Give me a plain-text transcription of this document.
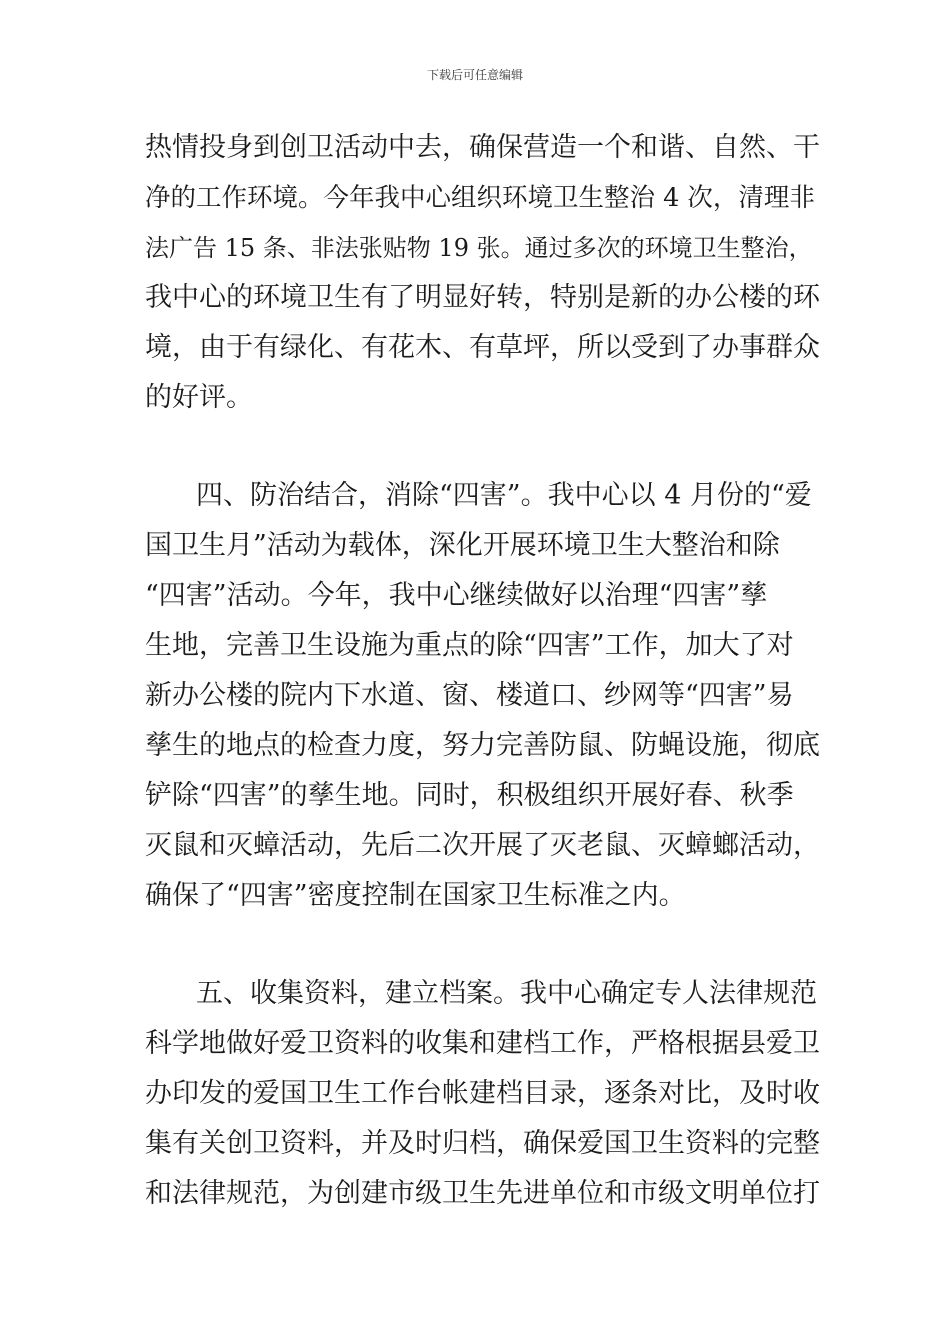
下载后可任意编辑
热情投身到创卫活动中去，确保营造一个和谐、自然、干
净的工作环境。今年我中心组织环境卫生整治 4 次，清理非
法广告 15 条、非法张贴物 19 张。通过多次的环境卫生整治，
我中心的环境卫生有了明显好转，特别是新的办公楼的环
境，由于有绿化、有花木、有草坪，所以受到了办事群众
的好评。
四、防治结合，消除“四害”。我中心以 4 月份的“爱
国卫生月”活动为载体，深化开展环境卫生大整治和除
“四害”活动。今年，我中心继续做好以治理“四害”孳
生地，完善卫生设施为重点的除“四害”工作，加大了对
新办公楼的院内下水道、窗、楼道口、纱网等“四害”易
孳生的地点的检查力度，努力完善防鼠、防蝇设施，彻底
铲除“四害”的孳生地。同时，积极组织开展好春、秋季
灭鼠和灭蟑活动，先后二次开展了灭老鼠、灭蟑螂活动，
确保了“四害”密度控制在国家卫生标准之内。
五、收集资料，建立档案。我中心确定专人法律规范
科学地做好爱卫资料的收集和建档工作，严格根据县爱卫
办印发的爱国卫生工作台帐建档目录，逐条对比，及时收
集有关创卫资料，并及时归档，确保爱国卫生资料的完整
和法律规范，为创建市级卫生先进单位和市级文明单位打
